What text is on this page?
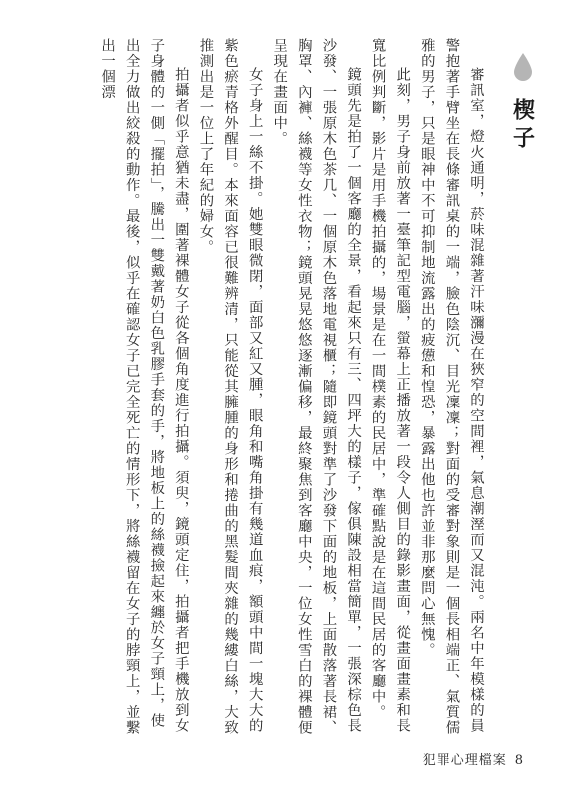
楔子

審訊室，燈火通明，菸味混雜著汗味瀰漫在狹窄的空間裡，氣息潮溼而又混沌。兩名中年模樣的員警抱著手臂坐在長條審訊桌的一端，臉色陰沉、目光凜凜；對面的受審對象則是一個長相端正、氣質儒雅的男子，只是眼神中不可抑制地流露出的疲憊和惶恐，暴露出他也許並非那麼問心無愧。

此刻，男子身前放著一臺筆記型電腦，螢幕上正播放著一段令人側目的錄影畫面，從畫面畫素和長寬比例判斷，影片是用手機拍攝的，場景是在一間樸素的民居中，準確點說是在這間民居的客廳中。

鏡頭先是拍了一個客廳的全景，看起來只有三、四坪大的樣子，傢俱陳設相當簡單，一張深棕色長沙發、一張原木色茶几、一個原木色落地電視櫃；隨即鏡頭對準了沙發下面的地板，上面散落著長裙、胸罩、內褲、絲襪等女性衣物；鏡頭晃晃悠悠逐漸偏移，最終聚焦到客廳中央，一位女性雪白的裸體便呈現在畫面中。

女子身上一絲不掛。她雙眼微閉，面部又紅又腫，眼角和嘴角掛有幾道血痕，額頭中間一塊大大的紫色瘀青格外醒目。本來面容已很難辨清，只能從其臃腫的身形和捲曲的黑髮間夾雜的幾縷白絲，大致推測出是一位上了年紀的婦女。

拍攝者似乎意猶未盡，圍著裸體女子從各個角度進行拍攝。須臾，鏡頭定住，拍攝者把手機放到女子身體的一側「擺拍」，騰出一雙戴著奶白色乳膠手套的手，將地板上的絲襪撿起來纏於女子頸上，使出全力做出絞殺的動作。最後，似乎在確認女子已完全死亡的情形下，將絲襪留在女子的脖頸上，並繫出一個漂

犯罪心理檔案 8
